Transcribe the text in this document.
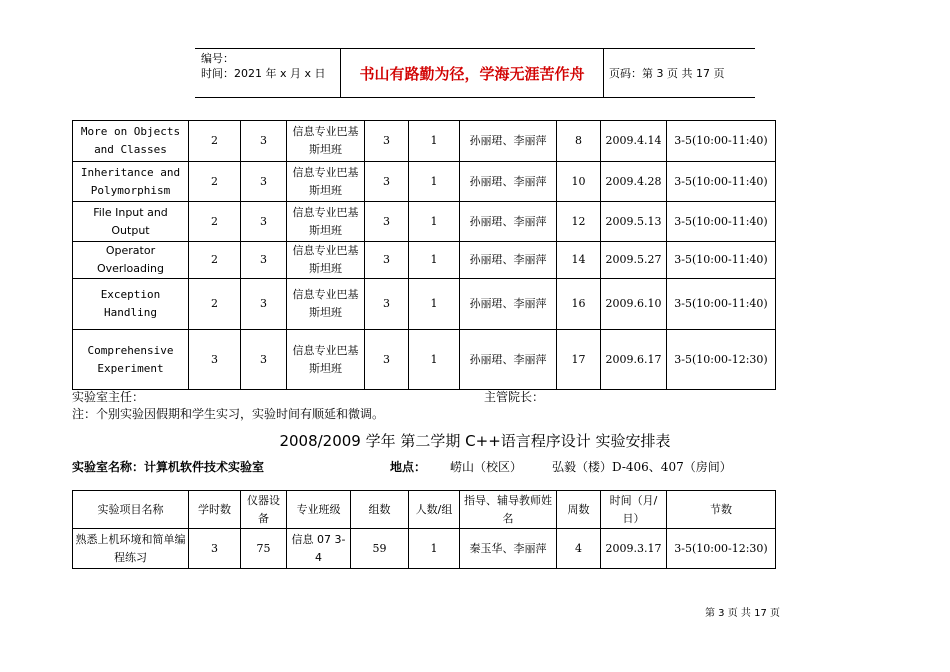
编号：
时间：2021 年 x 月 x 日	书山有路勤为径，学海无涯苦作舟	页码：第 3 页 共 17 页
More on Objects and Classes	2	3	信息专业巴基斯坦班	3	1	孙丽珺、李丽萍	8	2009.4.14	3-5(10:00-11:40)
Inheritance and Polymorphism	2	3	信息专业巴基斯坦班	3	1	孙丽珺、李丽萍	10	2009.4.28	3-5(10:00-11:40)
File Input and Output	2	3	信息专业巴基斯坦班	3	1	孙丽珺、李丽萍	12	2009.5.13	3-5(10:00-11:40)
Operator Overloading	2	3	信息专业巴基斯坦班	3	1	孙丽珺、李丽萍	14	2009.5.27	3-5(10:00-11:40)
Exception Handling	2	3	信息专业巴基斯坦班	3	1	孙丽珺、李丽萍	16	2009.6.10	3-5(10:00-11:40)
Comprehensive Experiment	3	3	信息专业巴基斯坦班	3	1	孙丽珺、李丽萍	17	2009.6.17	3-5(10:00-12:30)
实验室主任：	主管院长：
注：个别实验因假期和学生实习，实验时间有顺延和微调。
2008/2009 学年 第二学期 C++语言程序设计 实验安排表
实验室名称：计算机软件技术实验室	地点： 崂山（校区） 弘毅（楼）D-406、407（房间）
实验项目名称	学时数	仪器设备	专业班级	组数	人数/组	指导、辅导教师姓名	周数	时间（月/日）	节数
熟悉上机环境和简单编程练习	3	75	信息 07 3-4	59	1	秦玉华、李丽萍	4	2009.3.17	3-5(10:00-12:30)
第 3 页 共 17 页
